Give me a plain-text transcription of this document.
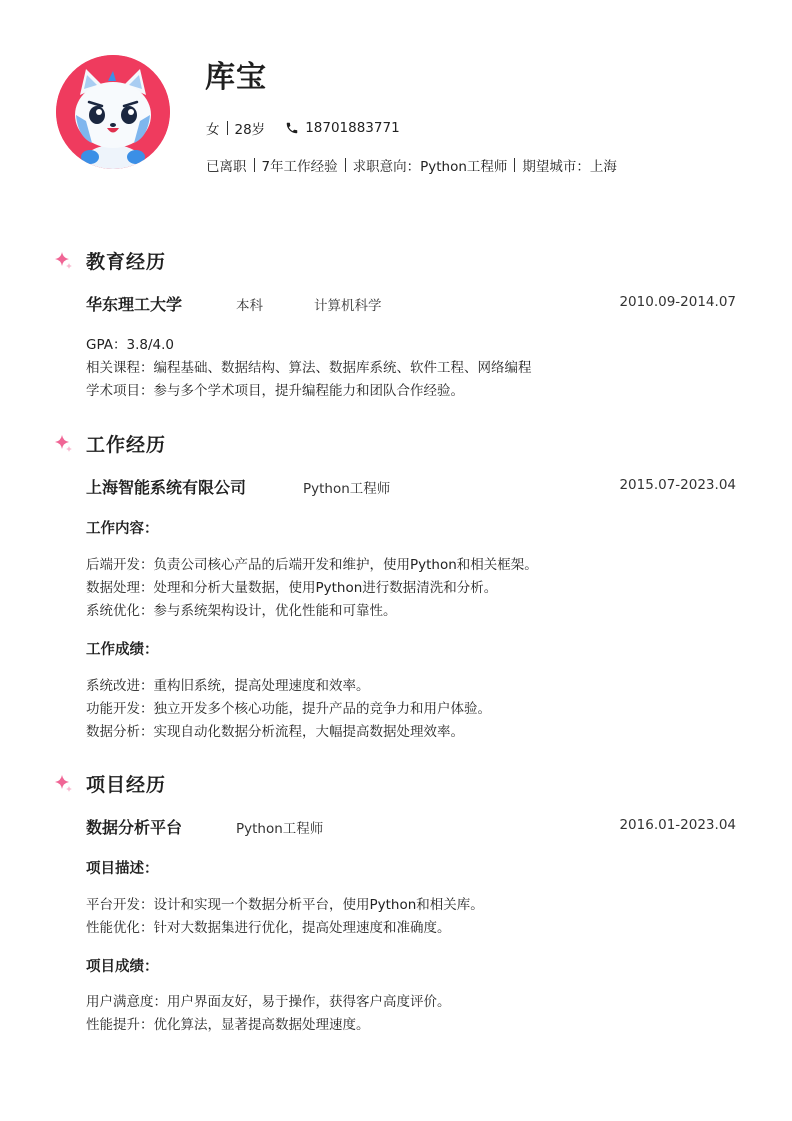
库宝
女 28岁	18701883771
已离职 7年工作经验 求职意向：Python工程师 期望城市：上海
教育经历
华东理工大学	本科	计算机科学	2010.09-2014.07
GPA：3.8/4.0
相关课程：编程基础、数据结构、算法、数据库系统、软件工程、网络编程
学术项目：参与多个学术项目，提升编程能力和团队合作经验。
工作经历
上海智能系统有限公司	Python工程师	2015.07-2023.04
工作内容：
后端开发：负责公司核心产品的后端开发和维护，使用Python和相关框架。
数据处理：处理和分析大量数据，使用Python进行数据清洗和分析。
系统优化：参与系统架构设计，优化性能和可靠性。
工作成绩：
系统改进：重构旧系统，提高处理速度和效率。
功能开发：独立开发多个核心功能，提升产品的竞争力和用户体验。
数据分析：实现自动化数据分析流程，大幅提高数据处理效率。
项目经历
数据分析平台	Python工程师	2016.01-2023.04
项目描述：
平台开发：设计和实现一个数据分析平台，使用Python和相关库。
性能优化：针对大数据集进行优化，提高处理速度和准确度。
项目成绩：
用户满意度：用户界面友好，易于操作，获得客户高度评价。
性能提升：优化算法，显著提高数据处理速度。
